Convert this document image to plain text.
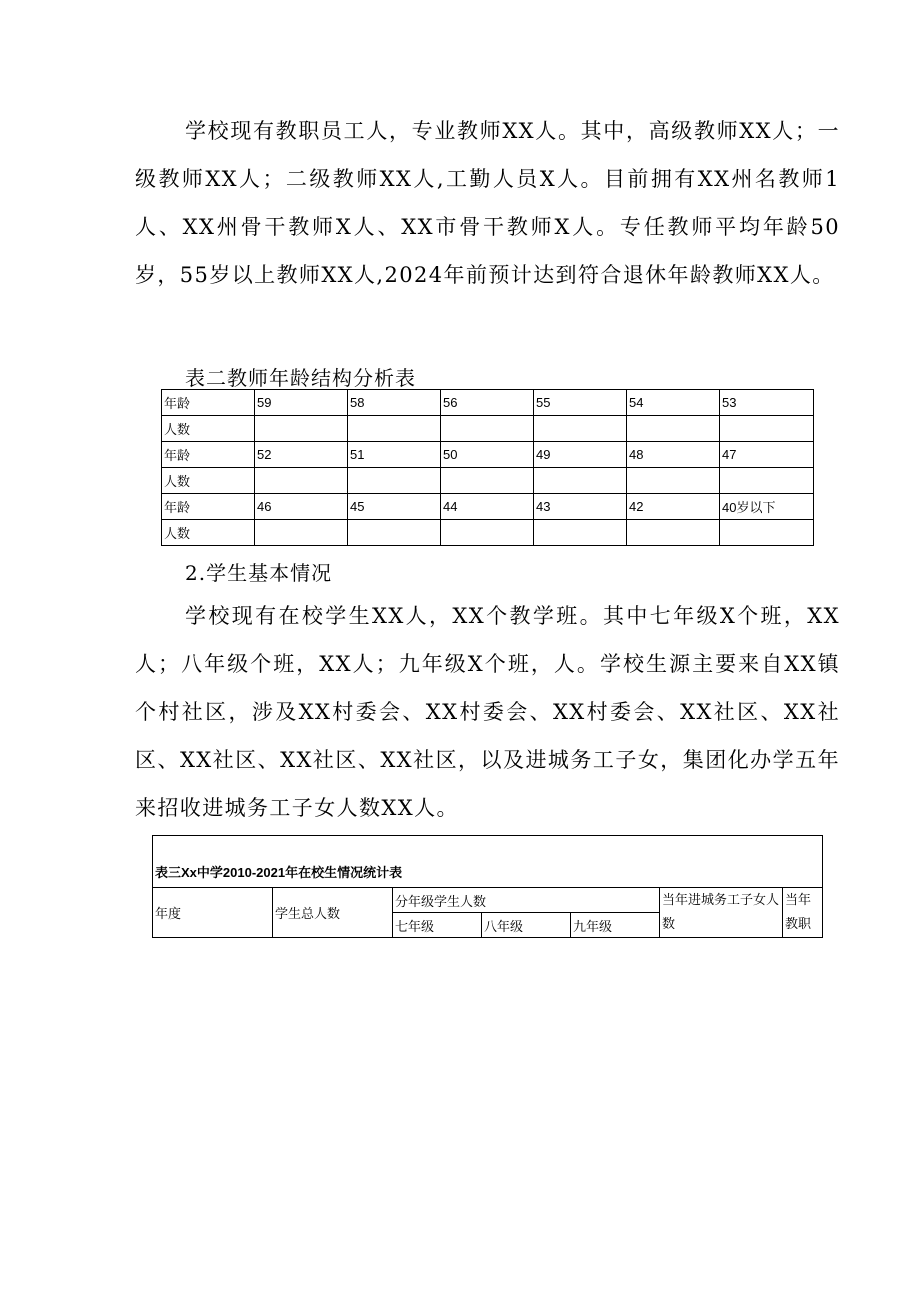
学校现有教职员工人，专业教师XX人。其中，高级教师XX人；一级教师XX人；二级教师XX人,工勤人员X人。目前拥有XX州名教师1人、XX州骨干教师X人、XX市骨干教师X人。专任教师平均年龄50岁，55岁以上教师XX人,2024年前预计达到符合退休年龄教师XX人。

表二教师年龄结构分析表

年龄	59	58	56	55	54	53
人数						
年龄	52	51	50	49	48	47
人数						
年龄	46	45	44	43	42	40岁以下
人数						

2.学生基本情况

学校现有在校学生XX人，XX个教学班。其中七年级X个班，XX人；八年级个班，XX人；九年级X个班，人。学校生源主要来自XX镇个村社区，涉及XX村委会、XX村委会、XX村委会、XX社区、XX社区、XX社区、XX社区、XX社区，以及进城务工子女，集团化办学五年来招收进城务工子女人数XX人。

表三Xx中学2010-2021年在校生情况统计表						
年度	学生总人数	分年级学生人数			当年进城务工子女人数	当年教职
		七年级	八年级	九年级		
